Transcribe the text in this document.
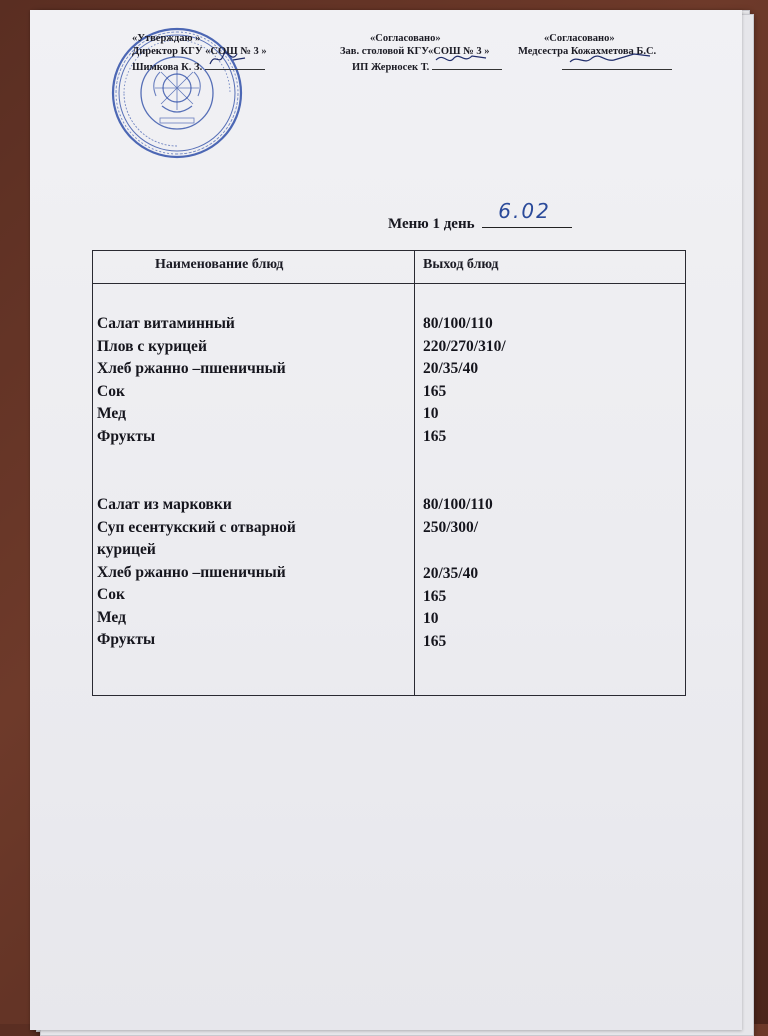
«Утверждаю »
Директор КГУ «СОШ № 3 »
Шимкова К. З.
«Согласовано»
Зав. столовой КГУ«СОШ № 3 »
ИП Жерносек Т.
«Согласовано»
Медсестра Кожахметова Б.С.
Меню 1 день
6.02
Наименование блюд	Выход блюд
Салат витаминный
Плов с курицей
Хлеб ржанно –пшеничный
Сок
Мед
Фрукты
Салат из марковки
Суп есентукский с отварной
курицей
Хлеб ржанно –пшеничный
Сок
Мед
Фрукты
80/100/110
220/270/310/
20/35/40
165
10
165
80/100/110
250/300/
20/35/40
165
10
165
